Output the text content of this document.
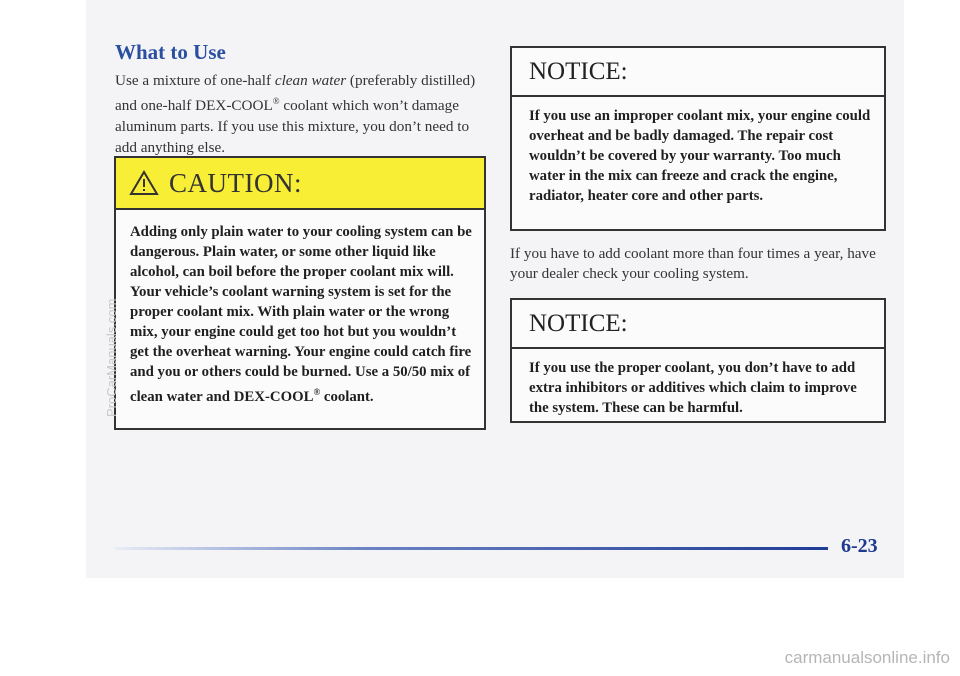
What to Use

Use a mixture of one-half clean water (preferably distilled) and one-half DEX-COOL® coolant which won’t damage aluminum parts. If you use this mixture, you don’t need to add anything else.

CAUTION:
Adding only plain water to your cooling system can be dangerous. Plain water, or some other liquid like alcohol, can boil before the proper coolant mix will. Your vehicle’s coolant warning system is set for the proper coolant mix. With plain water or the wrong mix, your engine could get too hot but you wouldn’t get the overheat warning. Your engine could catch fire and you or others could be burned. Use a 50/50 mix of clean water and DEX-COOL® coolant.
NOTICE:
If you use an improper coolant mix, your engine could overheat and be badly damaged. The repair cost wouldn’t be covered by your warranty. Too much water in the mix can freeze and crack the engine, radiator, heater core and other parts.

If you have to add coolant more than four times a year, have your dealer check your cooling system.

NOTICE:
If you use the proper coolant, you don’t have to add extra inhibitors or additives which claim to improve the system. These can be harmful.

6-23

ProCarManuals.com

carmanualsonline.info
